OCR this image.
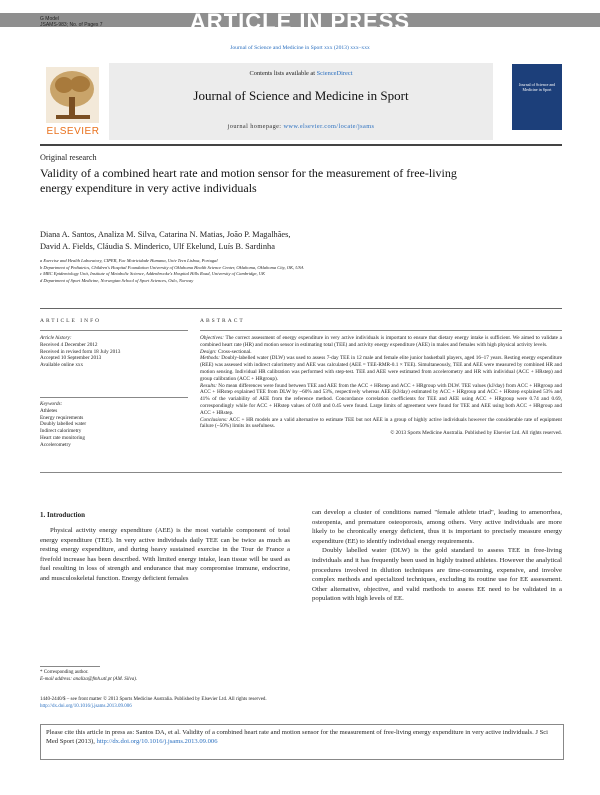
ARTICLE IN PRESS
G Model
JSAMS-983; No. of Pages 7
Journal of Science and Medicine in Sport xxx (2013) xxx–xxx
ELSEVIER
Contents lists available at ScienceDirect
Journal of Science and Medicine in Sport
journal homepage: www.elsevier.com/locate/jsams
Journal of Science and Medicine in Sport
Original research
Validity of a combined heart rate and motion sensor for the measurement of free-living energy expenditure in very active individuals
Diana A. Santos, Analiza M. Silva, Catarina N. Matias, João P. Magalhães,
David A. Fields, Cláudia S. Minderico, Ulf Ekelund, Luís B. Sardinha
a Exercise and Health Laboratory, CIPER, Fac Motricidade Humana, Univ Tecn Lisboa, Portugal
b Department of Pediatrics, Children's Hospital Foundation University of Oklahoma Health Science Center, Oklahoma, Oklahoma City, OK, USA
c MRC Epidemiology Unit, Institute of Metabolic Science, Addenbrooke's Hospital Hills Road, University of Cambridge, UK
d Department of Sport Medicine, Norwegian School of Sport Sciences, Oslo, Norway
ARTICLE INFO
Article history:
Received 4 December 2012
Received in revised form 18 July 2013
Accepted 10 September 2013
Available online xxx
Keywords:
Athletes
Energy requirements
Doubly labelled water
Indirect calorimetry
Heart rate monitoring
Accelerometry
ABSTRACT

Objectives: The correct assessment of energy expenditure in very active individuals is important to ensure that dietary energy intake is sufficient. We aimed to validate a combined heart rate (HR) and motion sensor in estimating total (TEE) and activity energy expenditure (AEE) in males and females with high physical activity levels.

Design: Cross-sectional.

Methods: Doubly-labelled water (DLW) was used to assess 7-day TEE in 12 male and female elite junior basketball players, aged 16–17 years. Resting energy expenditure (REE) was assessed with indirect calorimetry and AEE was calculated (AEE = TEE-RMR-0.1 × TEE). Simultaneously, TEE and AEE were measured by combined HR and motion sensing. Individual HR calibration was performed with step-test. TEE and AEE were estimated from accelerometry and HR with individual (ACC + HRstep) and group calibration (ACC + HRgroup).

Results: No mean differences were found between TEE and AEE from the ACC + HRstep and ACC + HRgroup with DLW. TEE values (kJ/day) from ACC + HRgroup and ACC + HRstep explained TEE from DLW by ~60% and 53%, respectively whereas AEE (kJ/day) estimated by ACC + HRgroup and ACC + HRstep explained 53% and 41% of the variability of AEE from the reference method. Concordance correlation coefficients for TEE and AEE using ACC + HRgroup were 0.74 and 0.69, correspondingly while for ACC + HRstep values of 0.69 and 0.45 were found. Large limits of agreement were found for TEE and AEE using both ACC + HRgroup and ACC + HRstep.

Conclusions: ACC + HR models are a valid alternative to estimate TEE but not AEE in a group of highly active individuals however the considerable rate of equipment failure (~50%) limits its usefulness.

© 2013 Sports Medicine Australia. Published by Elsevier Ltd. All rights reserved.
1. Introduction

Physical activity energy expenditure (AEE) is the most variable component of total energy expenditure (TEE). In very active individuals daily TEE can be twice as much as resting energy expenditure, and during heavy sustained exercise in the Tour de France a fivefold increase has been described. With limited energy intake, lean tissue will be used as fuel resulting in loss of strength and endurance that may compromise immune, endocrine, and musculoskeletal function. Energy deficient females

can develop a cluster of conditions named "female athlete triad", leading to amenorrhea, osteopenia, and premature osteoporosis, among others. Very active individuals are more likely to be chronically energy deficient, thus it is important to precisely measure energy expenditure (EE) to identify individual energy requirements.

Doubly labelled water (DLW) is the gold standard to assess TEE in free-living individuals and it has frequently been used in highly trained athletes. However the analytical procedures involved in dilution techniques are time-consuming, expensive, and involve complex methods and specialized techniques, excluding its routine use for EE assessment. Other alternative, objective, and valid methods to assess EE need to be validated in a population with high levels of EE.

* Corresponding author.
E-mail address: analiza@fmh.utl.pt (AM. Silva).
1440-2440/$ – see front matter © 2013 Sports Medicine Australia. Published by Elsevier Ltd. All rights reserved.
http://dx.doi.org/10.1016/j.jsams.2013.09.006
Please cite this article in press as: Santos DA, et al. Validity of a combined heart rate and motion sensor for the measurement of free-living energy expenditure in very active individuals. J Sci Med Sport (2013), http://dx.doi.org/10.1016/j.jsams.2013.09.006
